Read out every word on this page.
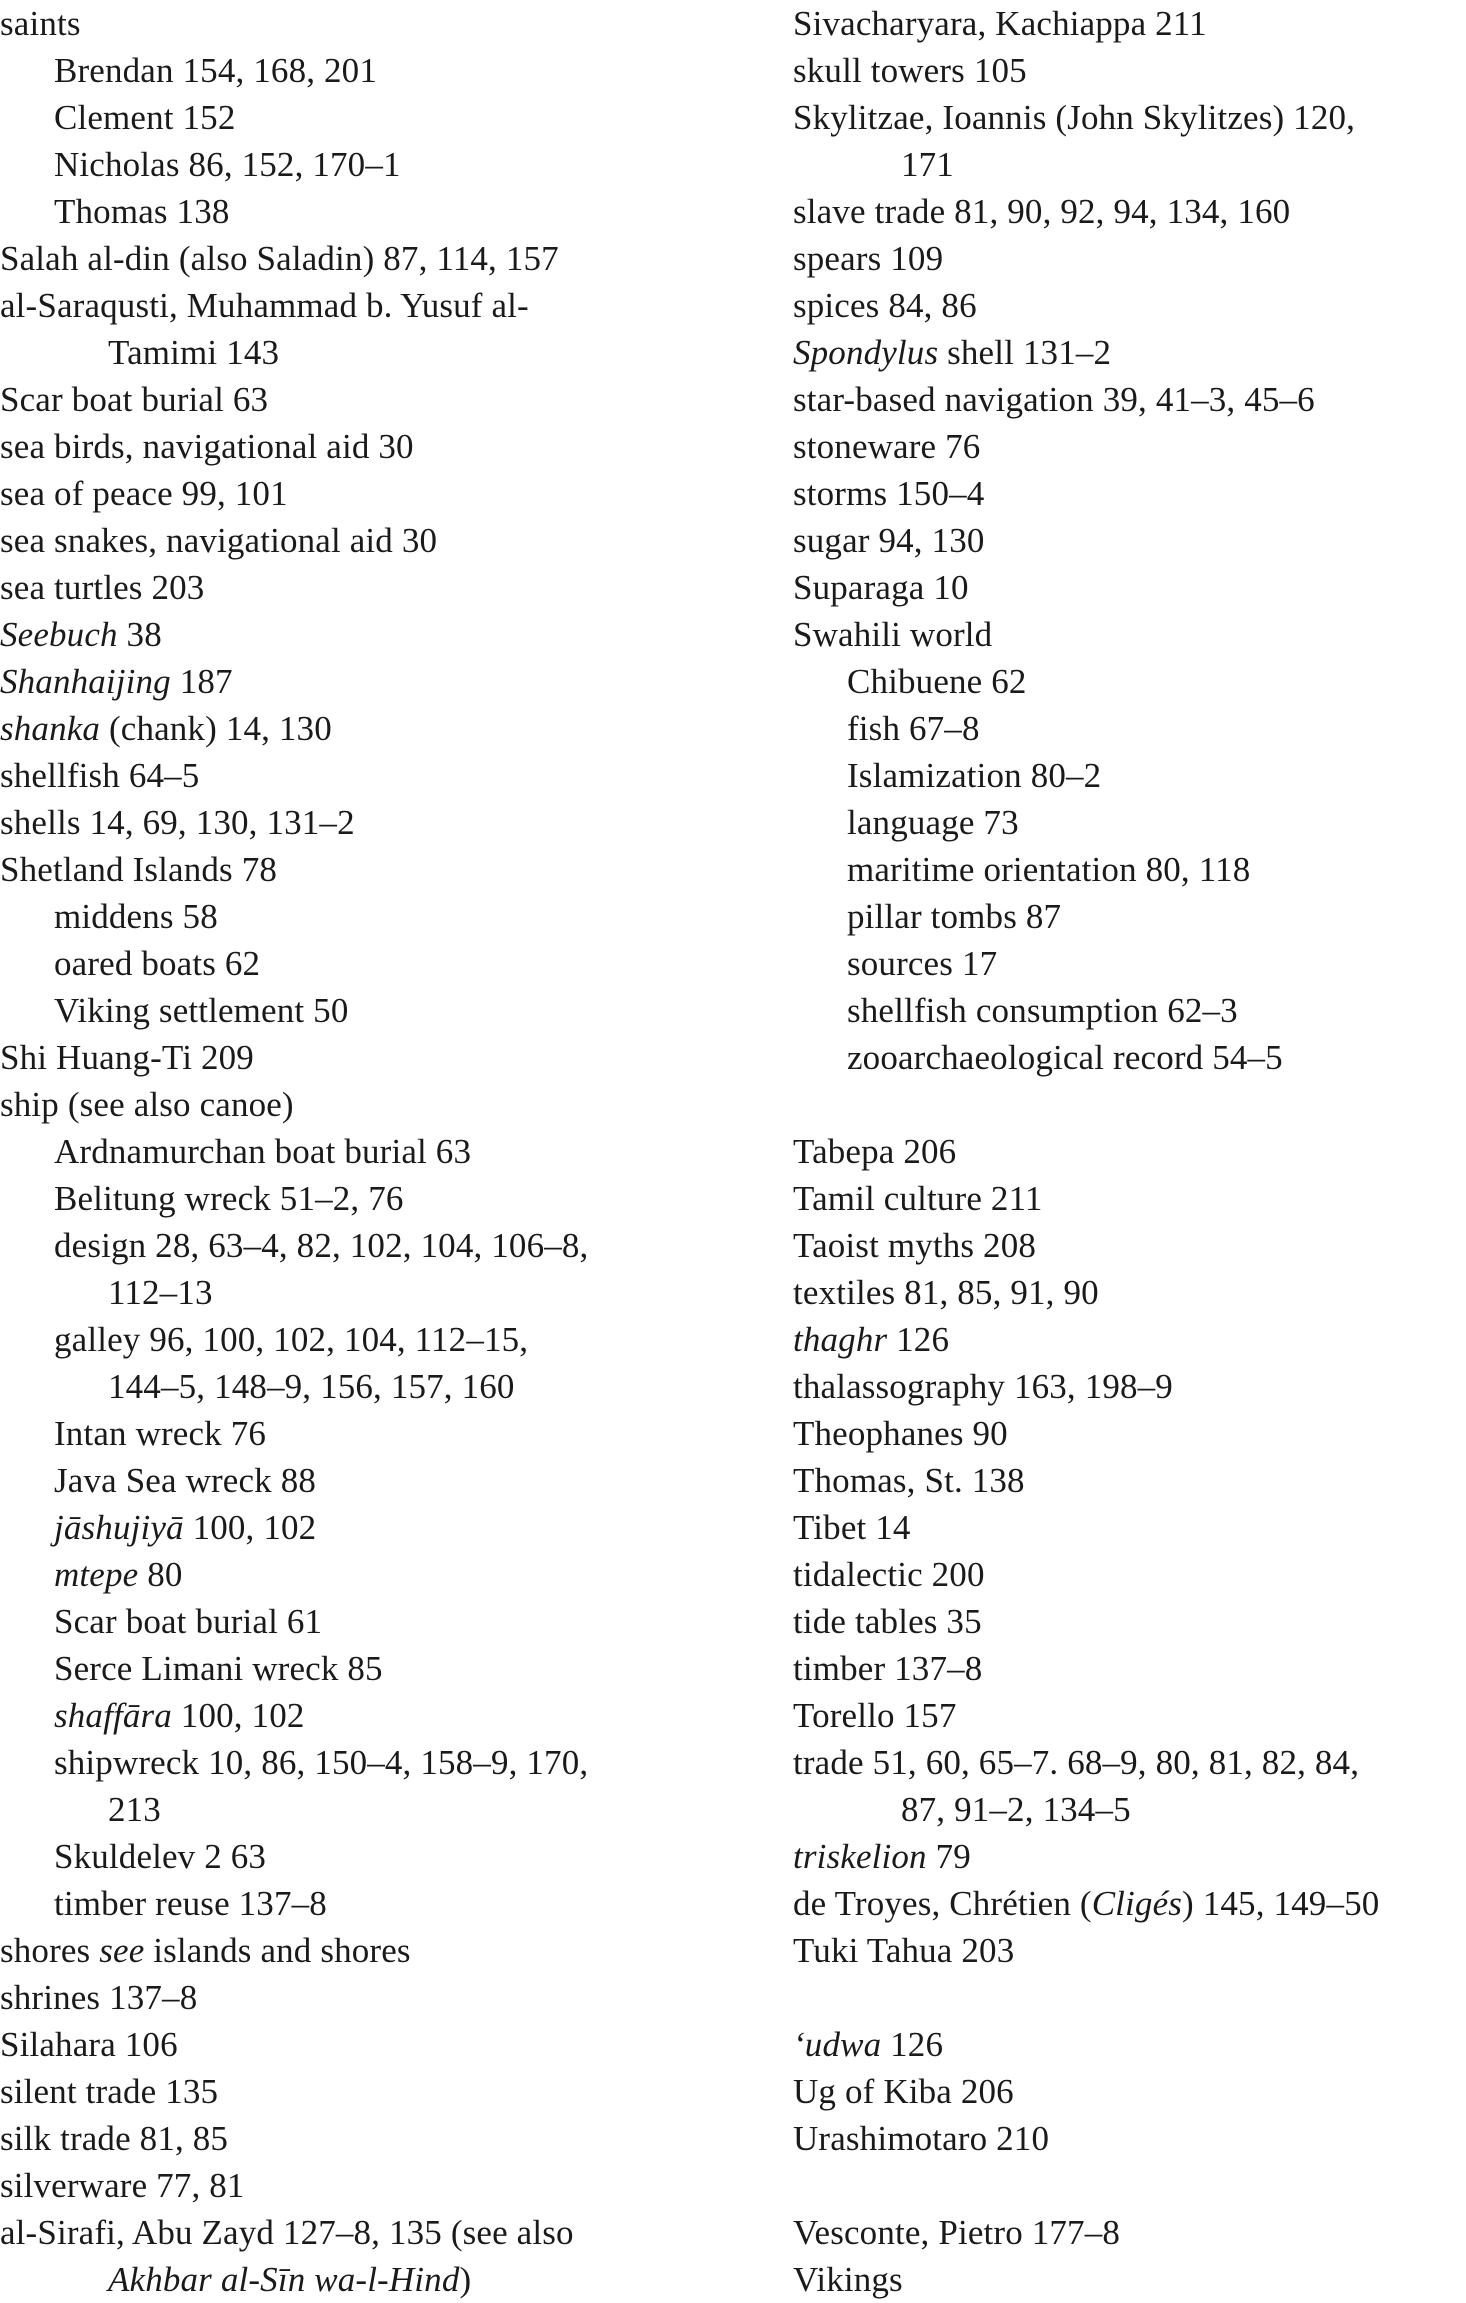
saints
Brendan 154, 168, 201
Clement 152
Nicholas 86, 152, 170–1
Thomas 138
Salah al-din (also Saladin) 87, 114, 157
al-Saraqusti, Muhammad b. Yusuf al-
Tamimi 143
Scar boat burial 63
sea birds, navigational aid 30
sea of peace 99, 101
sea snakes, navigational aid 30
sea turtles 203
Seebuch 38
Shanhaijing 187
shanka (chank) 14, 130
shellfish 64–5
shells 14, 69, 130, 131–2
Shetland Islands 78
middens 58
oared boats 62
Viking settlement 50
Shi Huang-Ti 209
ship (see also canoe)
Ardnamurchan boat burial 63
Belitung wreck 51–2, 76
design 28, 63–4, 82, 102, 104, 106–8,
112–13
galley 96, 100, 102, 104, 112–15,
144–5, 148–9, 156, 157, 160
Intan wreck 76
Java Sea wreck 88
jāshujiyā 100, 102
mtepe 80
Scar boat burial 61
Serce Limani wreck 85
shaffāra 100, 102
shipwreck 10, 86, 150–4, 158–9, 170,
213
Skuldelev 2 63
timber reuse 137–8
shores see islands and shores
shrines 137–8
Silahara 106
silent trade 135
silk trade 81, 85
silverware 77, 81
al-Sirafi, Abu Zayd 127–8, 135 (see also
Akhbar al-Sīn wa-l-Hind)
Sivacharyara, Kachiappa 211
skull towers 105
Skylitzae, Ioannis (John Skylitzes) 120,
171
slave trade 81, 90, 92, 94, 134, 160
spears 109
spices 84, 86
Spondylus shell 131–2
star-based navigation 39, 41–3, 45–6
stoneware 76
storms 150–4
sugar 94, 130
Suparaga 10
Swahili world
Chibuene 62
fish 67–8
Islamization 80–2
language 73
maritime orientation 80, 118
pillar tombs 87
sources 17
shellfish consumption 62–3
zooarchaeological record 54–5
Tabepa 206
Tamil culture 211
Taoist myths 208
textiles 81, 85, 91, 90
thaghr 126
thalassography 163, 198–9
Theophanes 90
Thomas, St. 138
Tibet 14
tidalectic 200
tide tables 35
timber 137–8
Torello 157
trade 51, 60, 65–7. 68–9, 80, 81, 82, 84,
87, 91–2, 134–5
triskelion 79
de Troyes, Chrétien (Cligés) 145, 149–50
Tuki Tahua 203
‘udwa 126
Ug of Kiba 206
Urashimotaro 210
Vesconte, Pietro 177–8
Vikings
